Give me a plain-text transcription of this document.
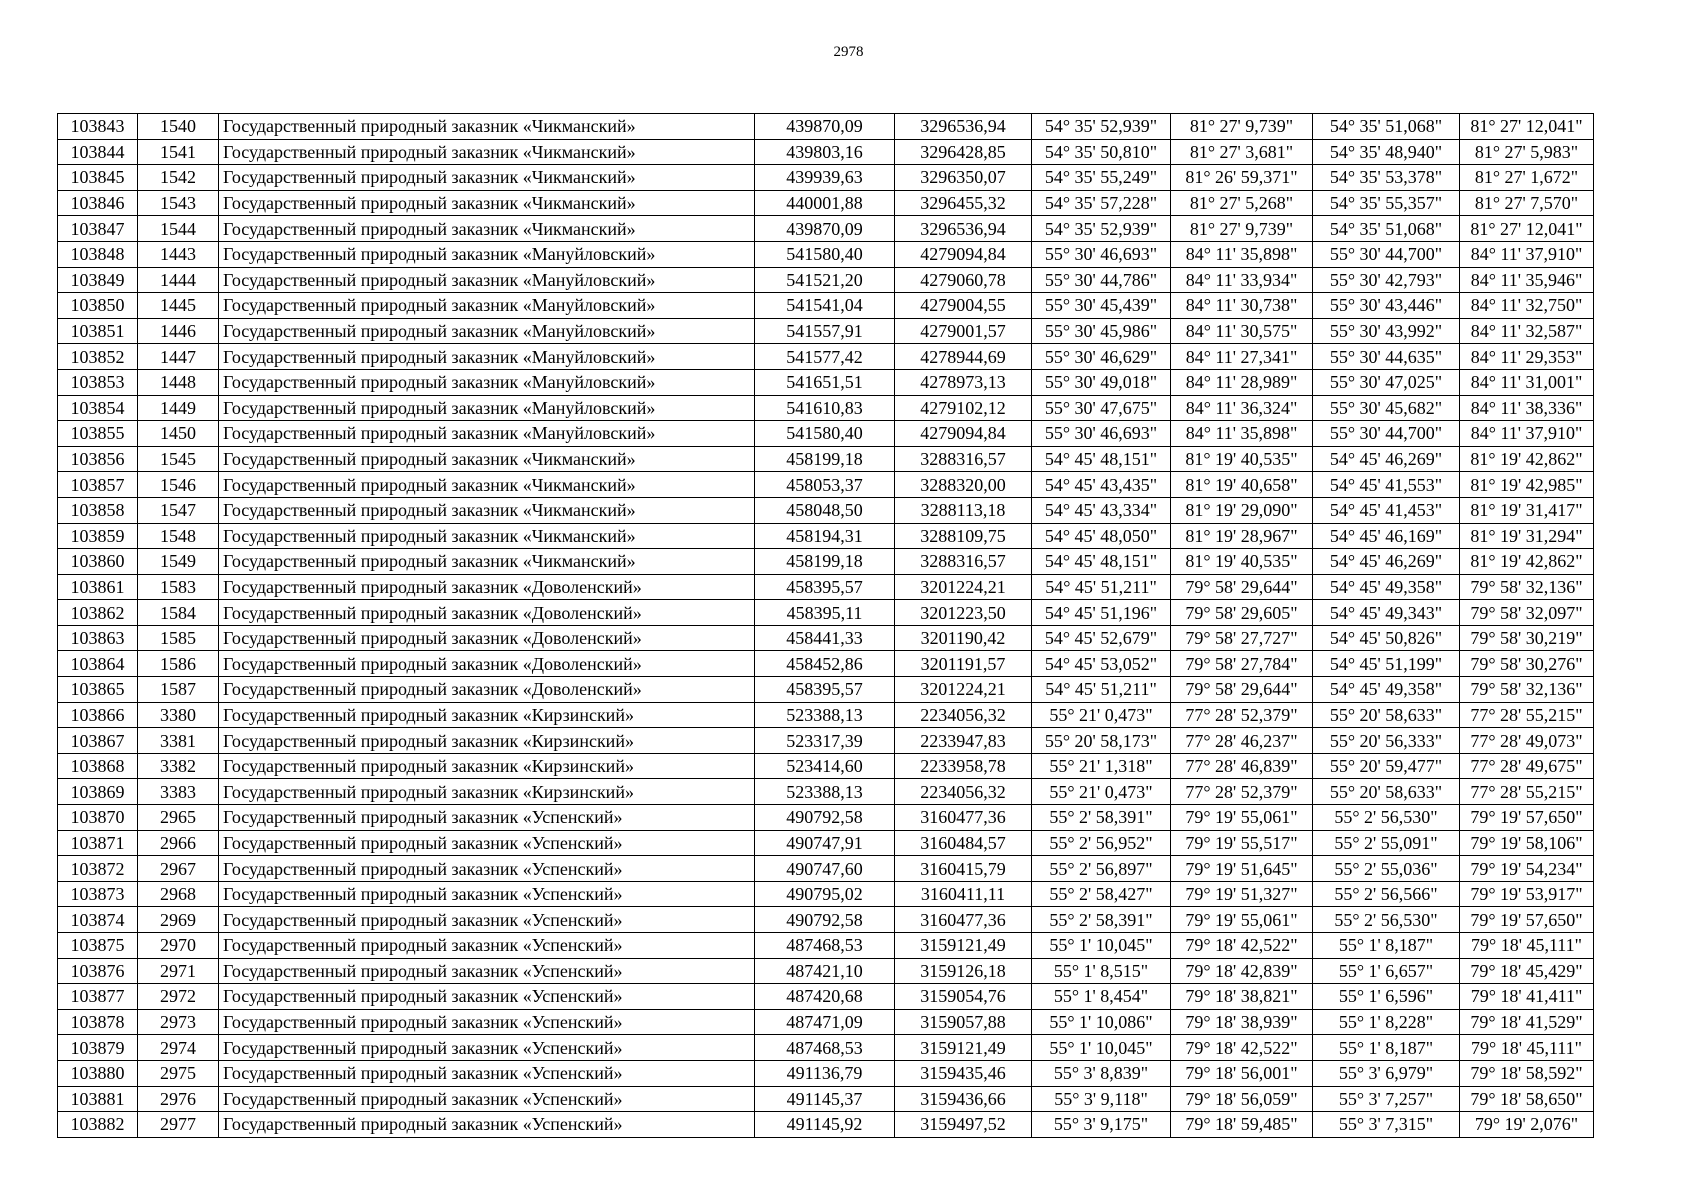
2978
103843	1540	Государственный природный заказник «Чикманский»	439870,09	3296536,94	54° 35' 52,939"	81° 27' 9,739"	54° 35' 51,068"	81° 27' 12,041"
103844	1541	Государственный природный заказник «Чикманский»	439803,16	3296428,85	54° 35' 50,810"	81° 27' 3,681"	54° 35' 48,940"	81° 27' 5,983"
103845	1542	Государственный природный заказник «Чикманский»	439939,63	3296350,07	54° 35' 55,249"	81° 26' 59,371"	54° 35' 53,378"	81° 27' 1,672"
103846	1543	Государственный природный заказник «Чикманский»	440001,88	3296455,32	54° 35' 57,228"	81° 27' 5,268"	54° 35' 55,357"	81° 27' 7,570"
103847	1544	Государственный природный заказник «Чикманский»	439870,09	3296536,94	54° 35' 52,939"	81° 27' 9,739"	54° 35' 51,068"	81° 27' 12,041"
103848	1443	Государственный природный заказник «Мануйловский»	541580,40	4279094,84	55° 30' 46,693"	84° 11' 35,898"	55° 30' 44,700"	84° 11' 37,910"
103849	1444	Государственный природный заказник «Мануйловский»	541521,20	4279060,78	55° 30' 44,786"	84° 11' 33,934"	55° 30' 42,793"	84° 11' 35,946"
103850	1445	Государственный природный заказник «Мануйловский»	541541,04	4279004,55	55° 30' 45,439"	84° 11' 30,738"	55° 30' 43,446"	84° 11' 32,750"
103851	1446	Государственный природный заказник «Мануйловский»	541557,91	4279001,57	55° 30' 45,986"	84° 11' 30,575"	55° 30' 43,992"	84° 11' 32,587"
103852	1447	Государственный природный заказник «Мануйловский»	541577,42	4278944,69	55° 30' 46,629"	84° 11' 27,341"	55° 30' 44,635"	84° 11' 29,353"
103853	1448	Государственный природный заказник «Мануйловский»	541651,51	4278973,13	55° 30' 49,018"	84° 11' 28,989"	55° 30' 47,025"	84° 11' 31,001"
103854	1449	Государственный природный заказник «Мануйловский»	541610,83	4279102,12	55° 30' 47,675"	84° 11' 36,324"	55° 30' 45,682"	84° 11' 38,336"
103855	1450	Государственный природный заказник «Мануйловский»	541580,40	4279094,84	55° 30' 46,693"	84° 11' 35,898"	55° 30' 44,700"	84° 11' 37,910"
103856	1545	Государственный природный заказник «Чикманский»	458199,18	3288316,57	54° 45' 48,151"	81° 19' 40,535"	54° 45' 46,269"	81° 19' 42,862"
103857	1546	Государственный природный заказник «Чикманский»	458053,37	3288320,00	54° 45' 43,435"	81° 19' 40,658"	54° 45' 41,553"	81° 19' 42,985"
103858	1547	Государственный природный заказник «Чикманский»	458048,50	3288113,18	54° 45' 43,334"	81° 19' 29,090"	54° 45' 41,453"	81° 19' 31,417"
103859	1548	Государственный природный заказник «Чикманский»	458194,31	3288109,75	54° 45' 48,050"	81° 19' 28,967"	54° 45' 46,169"	81° 19' 31,294"
103860	1549	Государственный природный заказник «Чикманский»	458199,18	3288316,57	54° 45' 48,151"	81° 19' 40,535"	54° 45' 46,269"	81° 19' 42,862"
103861	1583	Государственный природный заказник «Доволенский»	458395,57	3201224,21	54° 45' 51,211"	79° 58' 29,644"	54° 45' 49,358"	79° 58' 32,136"
103862	1584	Государственный природный заказник «Доволенский»	458395,11	3201223,50	54° 45' 51,196"	79° 58' 29,605"	54° 45' 49,343"	79° 58' 32,097"
103863	1585	Государственный природный заказник «Доволенский»	458441,33	3201190,42	54° 45' 52,679"	79° 58' 27,727"	54° 45' 50,826"	79° 58' 30,219"
103864	1586	Государственный природный заказник «Доволенский»	458452,86	3201191,57	54° 45' 53,052"	79° 58' 27,784"	54° 45' 51,199"	79° 58' 30,276"
103865	1587	Государственный природный заказник «Доволенский»	458395,57	3201224,21	54° 45' 51,211"	79° 58' 29,644"	54° 45' 49,358"	79° 58' 32,136"
103866	3380	Государственный природный заказник «Кирзинский»	523388,13	2234056,32	55° 21' 0,473"	77° 28' 52,379"	55° 20' 58,633"	77° 28' 55,215"
103867	3381	Государственный природный заказник «Кирзинский»	523317,39	2233947,83	55° 20' 58,173"	77° 28' 46,237"	55° 20' 56,333"	77° 28' 49,073"
103868	3382	Государственный природный заказник «Кирзинский»	523414,60	2233958,78	55° 21' 1,318"	77° 28' 46,839"	55° 20' 59,477"	77° 28' 49,675"
103869	3383	Государственный природный заказник «Кирзинский»	523388,13	2234056,32	55° 21' 0,473"	77° 28' 52,379"	55° 20' 58,633"	77° 28' 55,215"
103870	2965	Государственный природный заказник «Успенский»	490792,58	3160477,36	55° 2' 58,391"	79° 19' 55,061"	55° 2' 56,530"	79° 19' 57,650"
103871	2966	Государственный природный заказник «Успенский»	490747,91	3160484,57	55° 2' 56,952"	79° 19' 55,517"	55° 2' 55,091"	79° 19' 58,106"
103872	2967	Государственный природный заказник «Успенский»	490747,60	3160415,79	55° 2' 56,897"	79° 19' 51,645"	55° 2' 55,036"	79° 19' 54,234"
103873	2968	Государственный природный заказник «Успенский»	490795,02	3160411,11	55° 2' 58,427"	79° 19' 51,327"	55° 2' 56,566"	79° 19' 53,917"
103874	2969	Государственный природный заказник «Успенский»	490792,58	3160477,36	55° 2' 58,391"	79° 19' 55,061"	55° 2' 56,530"	79° 19' 57,650"
103875	2970	Государственный природный заказник «Успенский»	487468,53	3159121,49	55° 1' 10,045"	79° 18' 42,522"	55° 1' 8,187"	79° 18' 45,111"
103876	2971	Государственный природный заказник «Успенский»	487421,10	3159126,18	55° 1' 8,515"	79° 18' 42,839"	55° 1' 6,657"	79° 18' 45,429"
103877	2972	Государственный природный заказник «Успенский»	487420,68	3159054,76	55° 1' 8,454"	79° 18' 38,821"	55° 1' 6,596"	79° 18' 41,411"
103878	2973	Государственный природный заказник «Успенский»	487471,09	3159057,88	55° 1' 10,086"	79° 18' 38,939"	55° 1' 8,228"	79° 18' 41,529"
103879	2974	Государственный природный заказник «Успенский»	487468,53	3159121,49	55° 1' 10,045"	79° 18' 42,522"	55° 1' 8,187"	79° 18' 45,111"
103880	2975	Государственный природный заказник «Успенский»	491136,79	3159435,46	55° 3' 8,839"	79° 18' 56,001"	55° 3' 6,979"	79° 18' 58,592"
103881	2976	Государственный природный заказник «Успенский»	491145,37	3159436,66	55° 3' 9,118"	79° 18' 56,059"	55° 3' 7,257"	79° 18' 58,650"
103882	2977	Государственный природный заказник «Успенский»	491145,92	3159497,52	55° 3' 9,175"	79° 18' 59,485"	55° 3' 7,315"	79° 19' 2,076"
